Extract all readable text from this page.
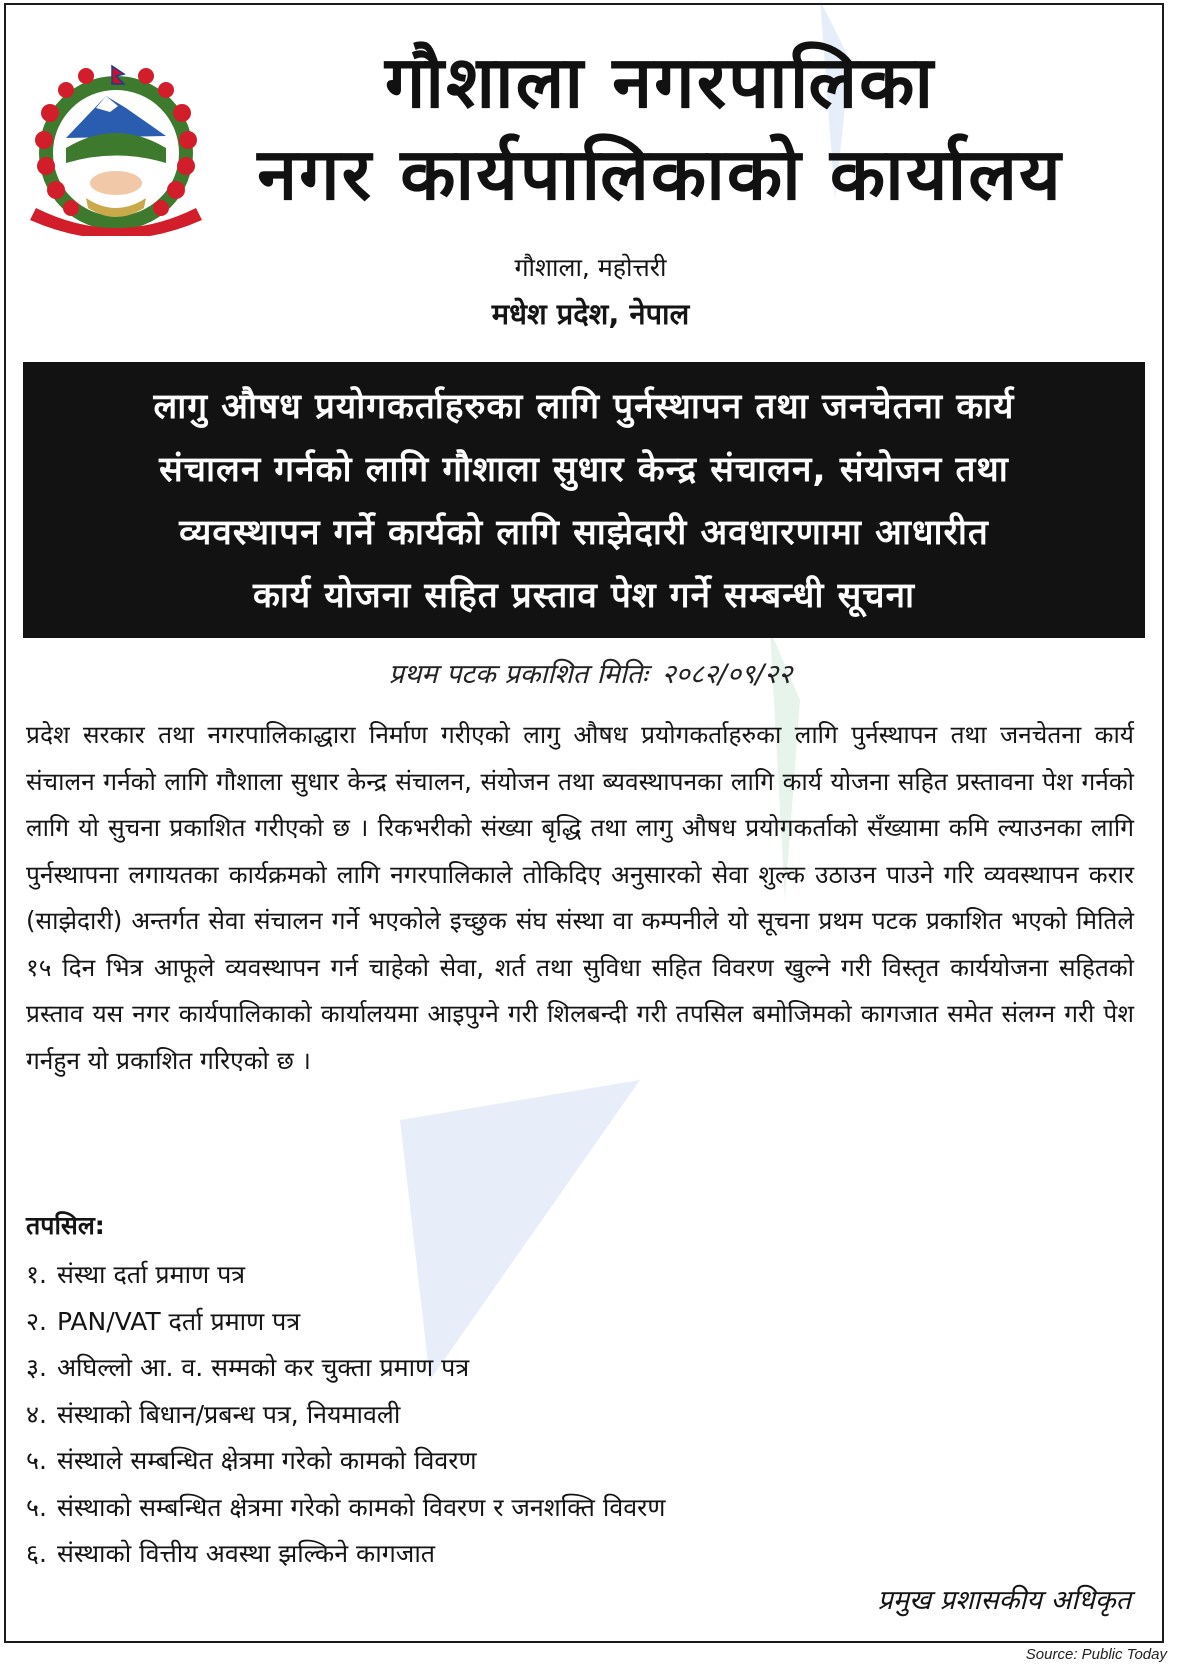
गौशाला नगरपालिका
नगर कार्यपालिकाको कार्यालय
गौशाला, महोत्तरी
मधेश प्रदेश, नेपाल
लागु औषध प्रयोगकर्ताहरुका लागि पुर्नस्थापन तथा जनचेतना कार्य
संचालन गर्नको लागि गौशाला सुधार केन्द्र संचालन, संयोजन तथा
व्यवस्थापन गर्ने कार्यको लागि साझेदारी अवधारणामा आधारीत
कार्य योजना सहित प्रस्ताव पेश गर्ने सम्बन्धी सूचना
प्रथम पटक प्रकाशित मितिः २०८२/०९/२२
प्रदेश सरकार तथा नगरपालिकाद्धारा निर्माण गरीएको लागु औषध प्रयोगकर्ताहरुका लागि पुर्नस्थापन तथा जनचेतना कार्य संचालन गर्नको लागि गौशाला सुधार केन्द्र संचालन, संयोजन तथा ब्यवस्थापनका लागि कार्य योजना सहित प्रस्तावना पेश गर्नको लागि यो सुचना प्रकाशित गरीएको छ । रिकभरीको संख्या बृद्धि तथा लागु औषध प्रयोगकर्ताको सँख्यामा कमि ल्याउनका लागि पुर्नस्थापना लगायतका कार्यक्रमको लागि नगरपालिकाले तोकिदिए अनुसारको सेवा शुल्क उठाउन पाउने गरि व्यवस्थापन करार (साझेदारी) अन्तर्गत सेवा संचालन गर्ने भएकोले इच्छुक संघ संस्था वा कम्पनीले यो सूचना प्रथम पटक प्रकाशित भएको मितिले १५ दिन भित्र आफूले व्यवस्थापन गर्न चाहेको सेवा, शर्त तथा सुविधा सहित विवरण खुल्ने गरी विस्तृत कार्ययोजना सहितको प्रस्ताव यस नगर कार्यपालिकाको कार्यालयमा आइपुग्ने गरी शिलबन्दी गरी तपसिल बमोजिमको कागजात समेत संलग्न गरी पेश गर्नहुन यो प्रकाशित गरिएको छ ।
तपसिल:
१. संस्था दर्ता प्रमाण पत्र
२. PAN/VAT दर्ता प्रमाण पत्र
३. अघिल्लो आ. व. सम्मको कर चुक्ता प्रमाण पत्र
४. संस्थाको बिधान/प्रबन्ध पत्र, नियमावली
५. संस्थाले सम्बन्धित क्षेत्रमा गरेको कामको विवरण
५. संस्थाको सम्बन्धित क्षेत्रमा गरेको कामको विवरण र जनशक्ति विवरण
६. संस्थाको वित्तीय अवस्था झल्किने कागजात
प्रमुख प्रशासकीय अधिकृत
Source: Public Today
